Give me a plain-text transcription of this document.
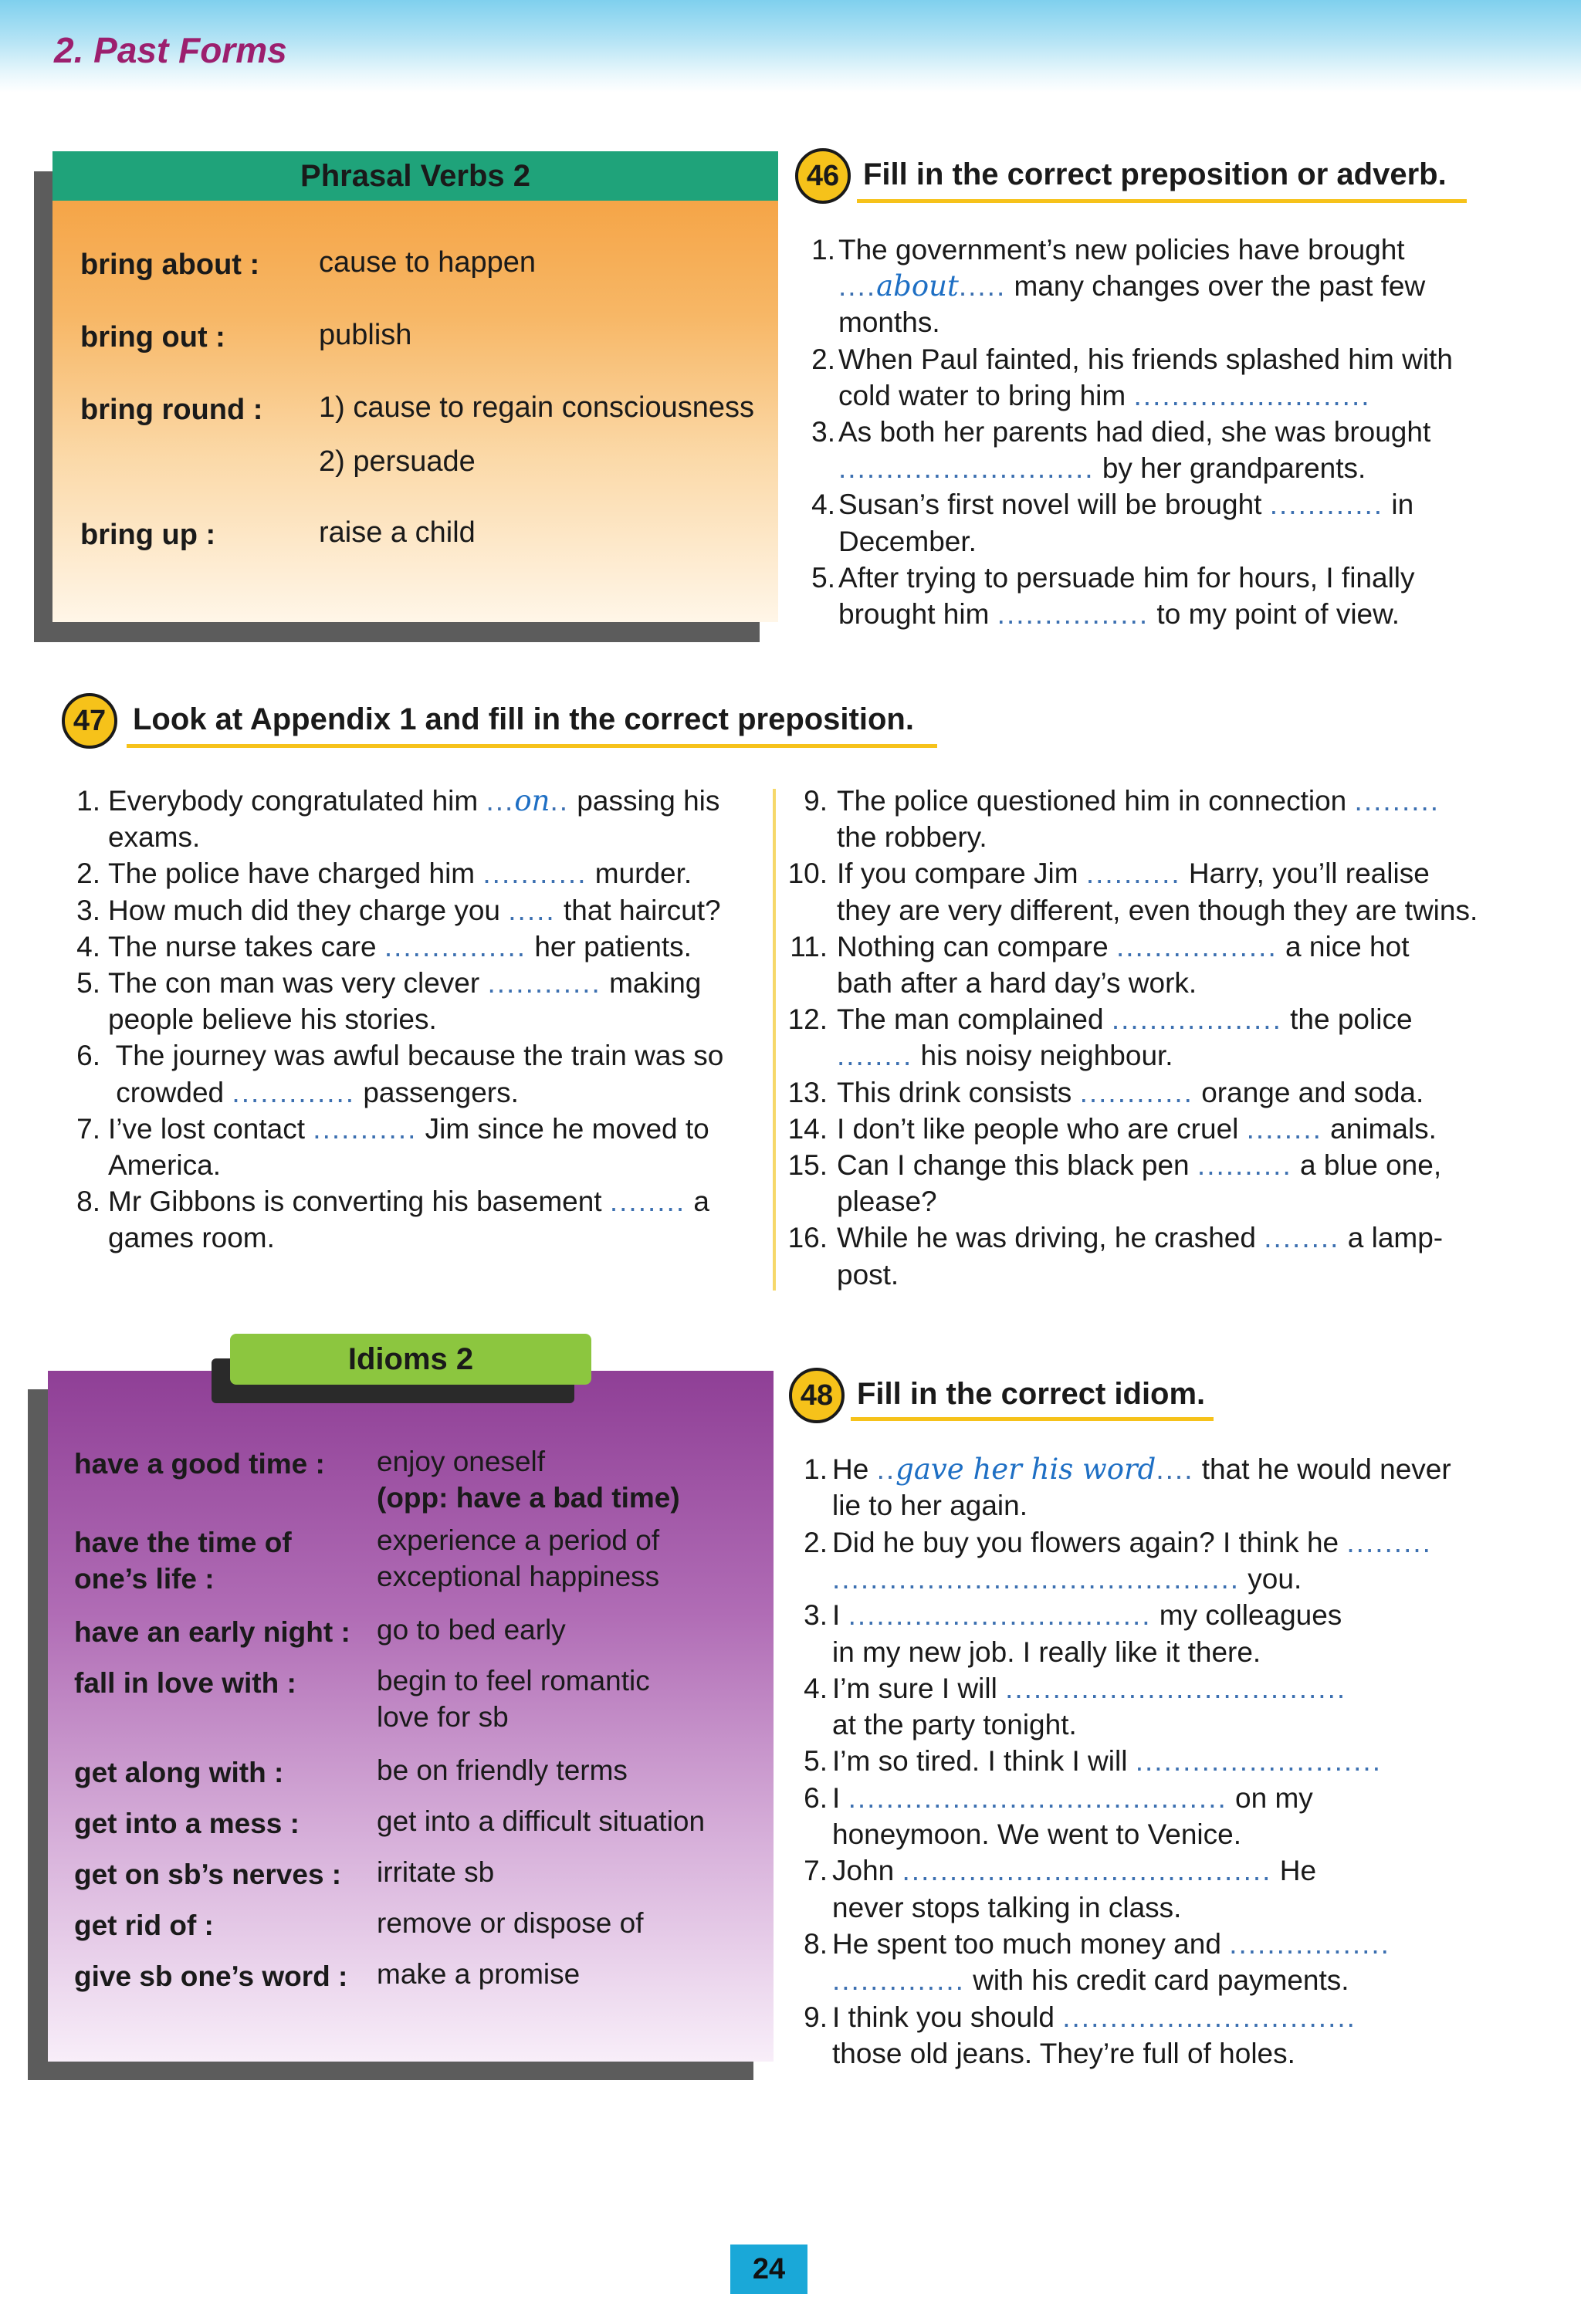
2. Past Forms
Phrasal Verbs 2
bring about : cause to happen
bring out :	publish
bring round : 1) cause to regain consciousness
2) persuade
bring up :	raise a child
46 Fill in the correct preposition or adverb.
1. The government’s new policies have brought
....about..... many changes over the past few
months.
2. When Paul fainted, his friends splashed him with
cold water to bring him .........................
3. As both her parents had died, she was brought
........................... by her grandparents.
4. Susan’s first novel will be brought ............ in
December.
5. After trying to persuade him for hours, I finally
brought him ................ to my point of view.
47 Look at Appendix 1 and fill in the correct preposition.
1. Everybody congratulated him ...on.. passing his
exams.
2. The police have charged him ........... murder.
3. How much did they charge you ..... that haircut?
4. The nurse takes care ............... her patients.
5. The con man was very clever ............ making
people believe his stories.
6. The journey was awful because the train was so
crowded ............. passengers.
7. I’ve lost contact ........... Jim since he moved to
America.
8. Mr Gibbons is converting his basement ........ a
games room.
9. The police questioned him in connection .........
the robbery.
10. If you compare Jim .......... Harry, you’ll realise
they are very different, even though they are twins.
11. Nothing can compare ................. a nice hot
bath after a hard day’s work.
12. The man complained .................. the police
........ his noisy neighbour.
13. This drink consists ............ orange and soda.
14. I don’t like people who are cruel ........ animals.
15. Can I change this black pen .......... a blue one,
please?
16. While he was driving, he crashed ........ a lamp-
post.
have a good time : enjoy oneself
(opp: have a bad time)
have the time of
one’s life :
experience a period of
exceptional happiness
have an early night : go to bed early
fall in love with :	begin to feel romantic
love for sb
get along with :	be on friendly terms
get into a mess :	get into a difficult situation
get on sb’s nerves : irritate sb
get rid of :	remove or dispose of
give sb one’s word : make a promise
Idioms 2
48 Fill in the correct idiom.
1. He ..gave her his word.... that he would never
lie to her again.
2. Did he buy you flowers again? I think he .........
........................................... you.
3. I ................................ my colleagues
in my new job. I really like it there.
4. I’m sure I will ....................................
at the party tonight.
5. I’m so tired. I think I will ..........................
6. I ........................................ on my
honeymoon. We went to Venice.
7. John ....................................... He
never stops talking in class.
8. He spent too much money and .................
.............. with his credit card payments.
9. I think you should ...............................
those old jeans. They’re full of holes.
24
